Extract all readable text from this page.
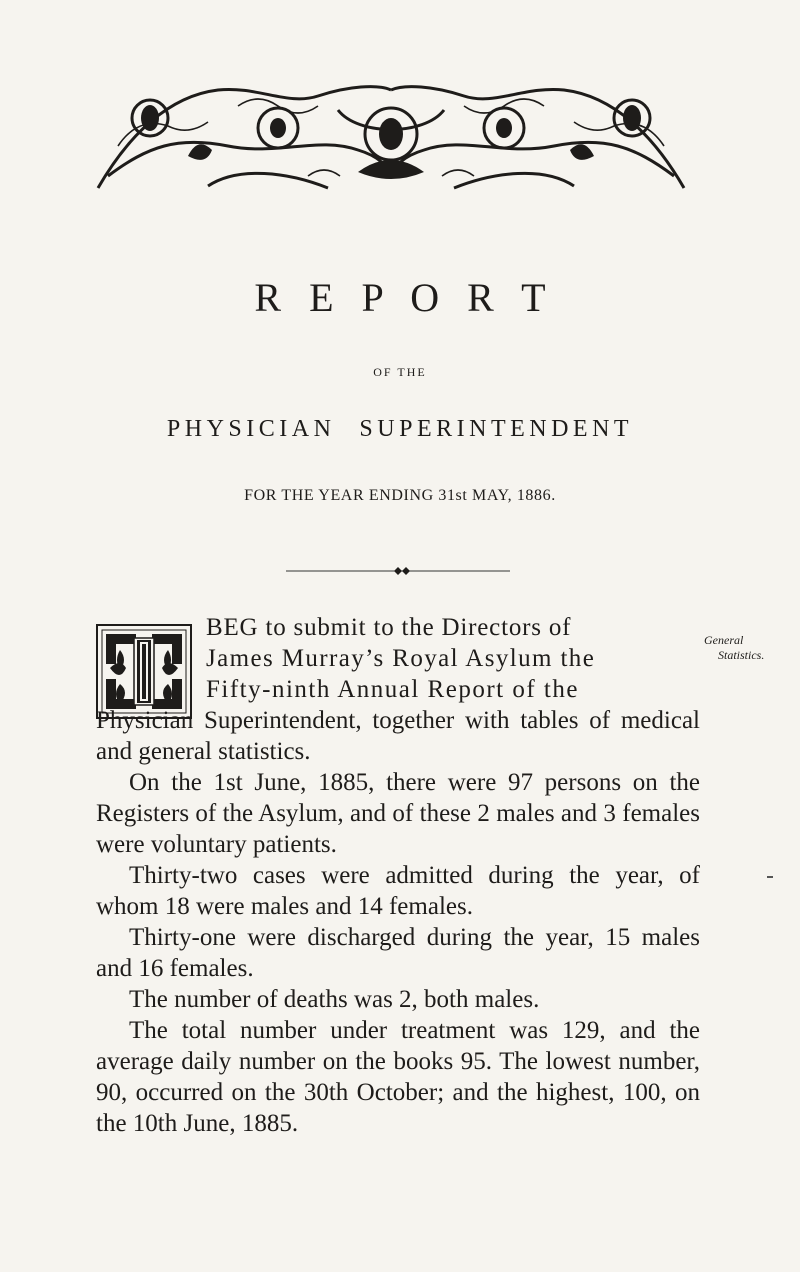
R E P O R T
OF THE
PHYSICIAN SUPERINTENDENT
FOR THE YEAR ENDING 31st MAY, 1886.
General
Statistics.
BEG to submit to the Directors of
James Murray’s Royal Asylum the
Fifty-ninth Annual Report of the

Physician Superintendent, together with tables of medical and general statistics.

On the 1st June, 1885, there were 97 persons on the Registers of the Asylum, and of these 2 males and 3 females were voluntary patients.

Thirty-two cases were admitted during the year, of whom 18 were males and 14 females.

Thirty-one were discharged during the year, 15 males and 16 females.

The number of deaths was 2, both males.

The total number under treatment was 129, and the average daily number on the books 95. The lowest number, 90, occurred on the 30th October; and the highest, 100, on the 10th June, 1885.
